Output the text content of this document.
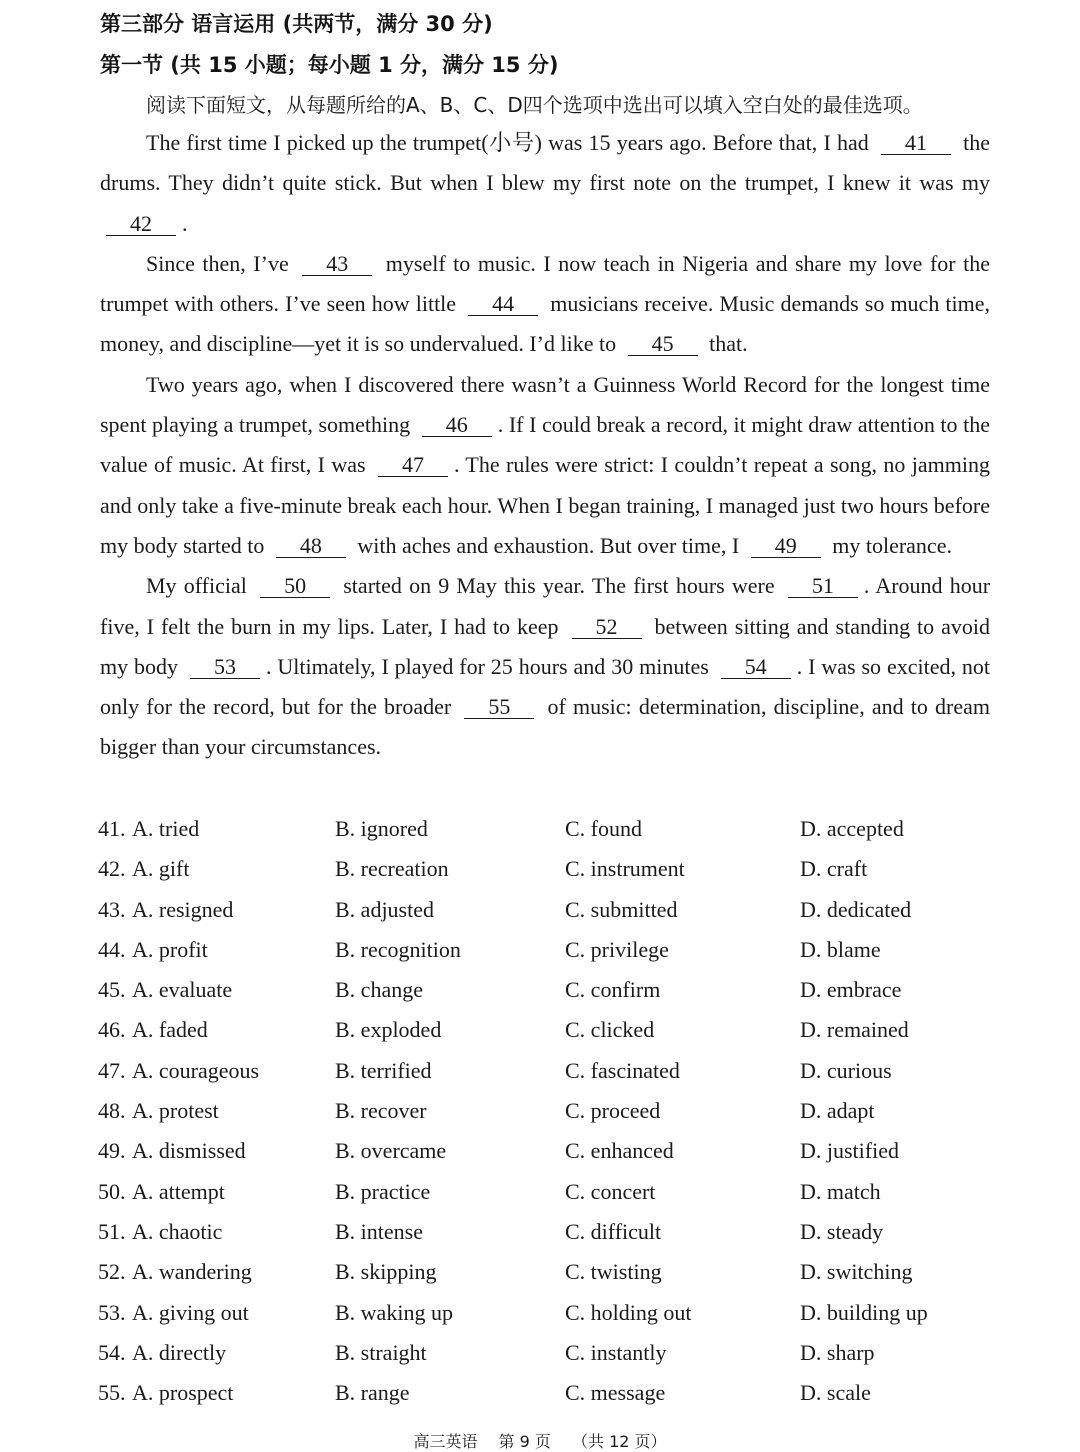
第三部分 语言运用 (共两节，满分 30 分)
第一节 (共 15 小题；每小题 1 分，满分 15 分)
阅读下面短文，从每题所给的A、B、C、D四个选项中选出可以填入空白处的最佳选项。

The first time I picked up the trumpet(小号) was 15 years ago. Before that, I had 41 the drums. They didn’t quite stick. But when I blew my first note on the trumpet, I knew it was my 42 .

Since then, I’ve 43 myself to music. I now teach in Nigeria and share my love for the trumpet with others. I’ve seen how little 44 musicians receive. Music demands so much time, money, and discipline—yet it is so undervalued. I’d like to 45 that.

Two years ago, when I discovered there wasn’t a Guinness World Record for the longest time spent playing a trumpet, something 46 . If I could break a record, it might draw attention to the value of music. At first, I was 47 . The rules were strict: I couldn’t repeat a song, no jamming and only take a five-minute break each hour. When I began training, I managed just two hours before my body started to 48 with aches and exhaustion. But over time, I 49 my tolerance.

My official 50 started on 9 May this year. The first hours were 51 . Around hour five, I felt the burn in my lips. Later, I had to keep 52 between sitting and standing to avoid my body 53 . Ultimately, I played for 25 hours and 30 minutes 54 . I was so excited, not only for the record, but for the broader 55 of music: determination, discipline, and to dream bigger than your circumstances.

41. A. tried	B. ignored	C. found	D. accepted
42. A. gift	B. recreation	C. instrument	D. craft
43. A. resigned	B. adjusted	C. submitted	D. dedicated
44. A. profit	B. recognition	C. privilege	D. blame
45. A. evaluate	B. change	C. confirm	D. embrace
46. A. faded	B. exploded	C. clicked	D. remained
47. A. courageous	B. terrified	C. fascinated	D. curious
48. A. protest	B. recover	C. proceed	D. adapt
49. A. dismissed	B. overcame	C. enhanced	D. justified
50. A. attempt	B. practice	C. concert	D. match
51. A. chaotic	B. intense	C. difficult	D. steady
52. A. wandering	B. skipping	C. twisting	D. switching
53. A. giving out	B. waking up	C. holding out	D. building up
54. A. directly	B. straight	C. instantly	D. sharp
55. A. prospect	B. range	C. message	D. scale
高三英语 第 9 页 （共 12 页）
